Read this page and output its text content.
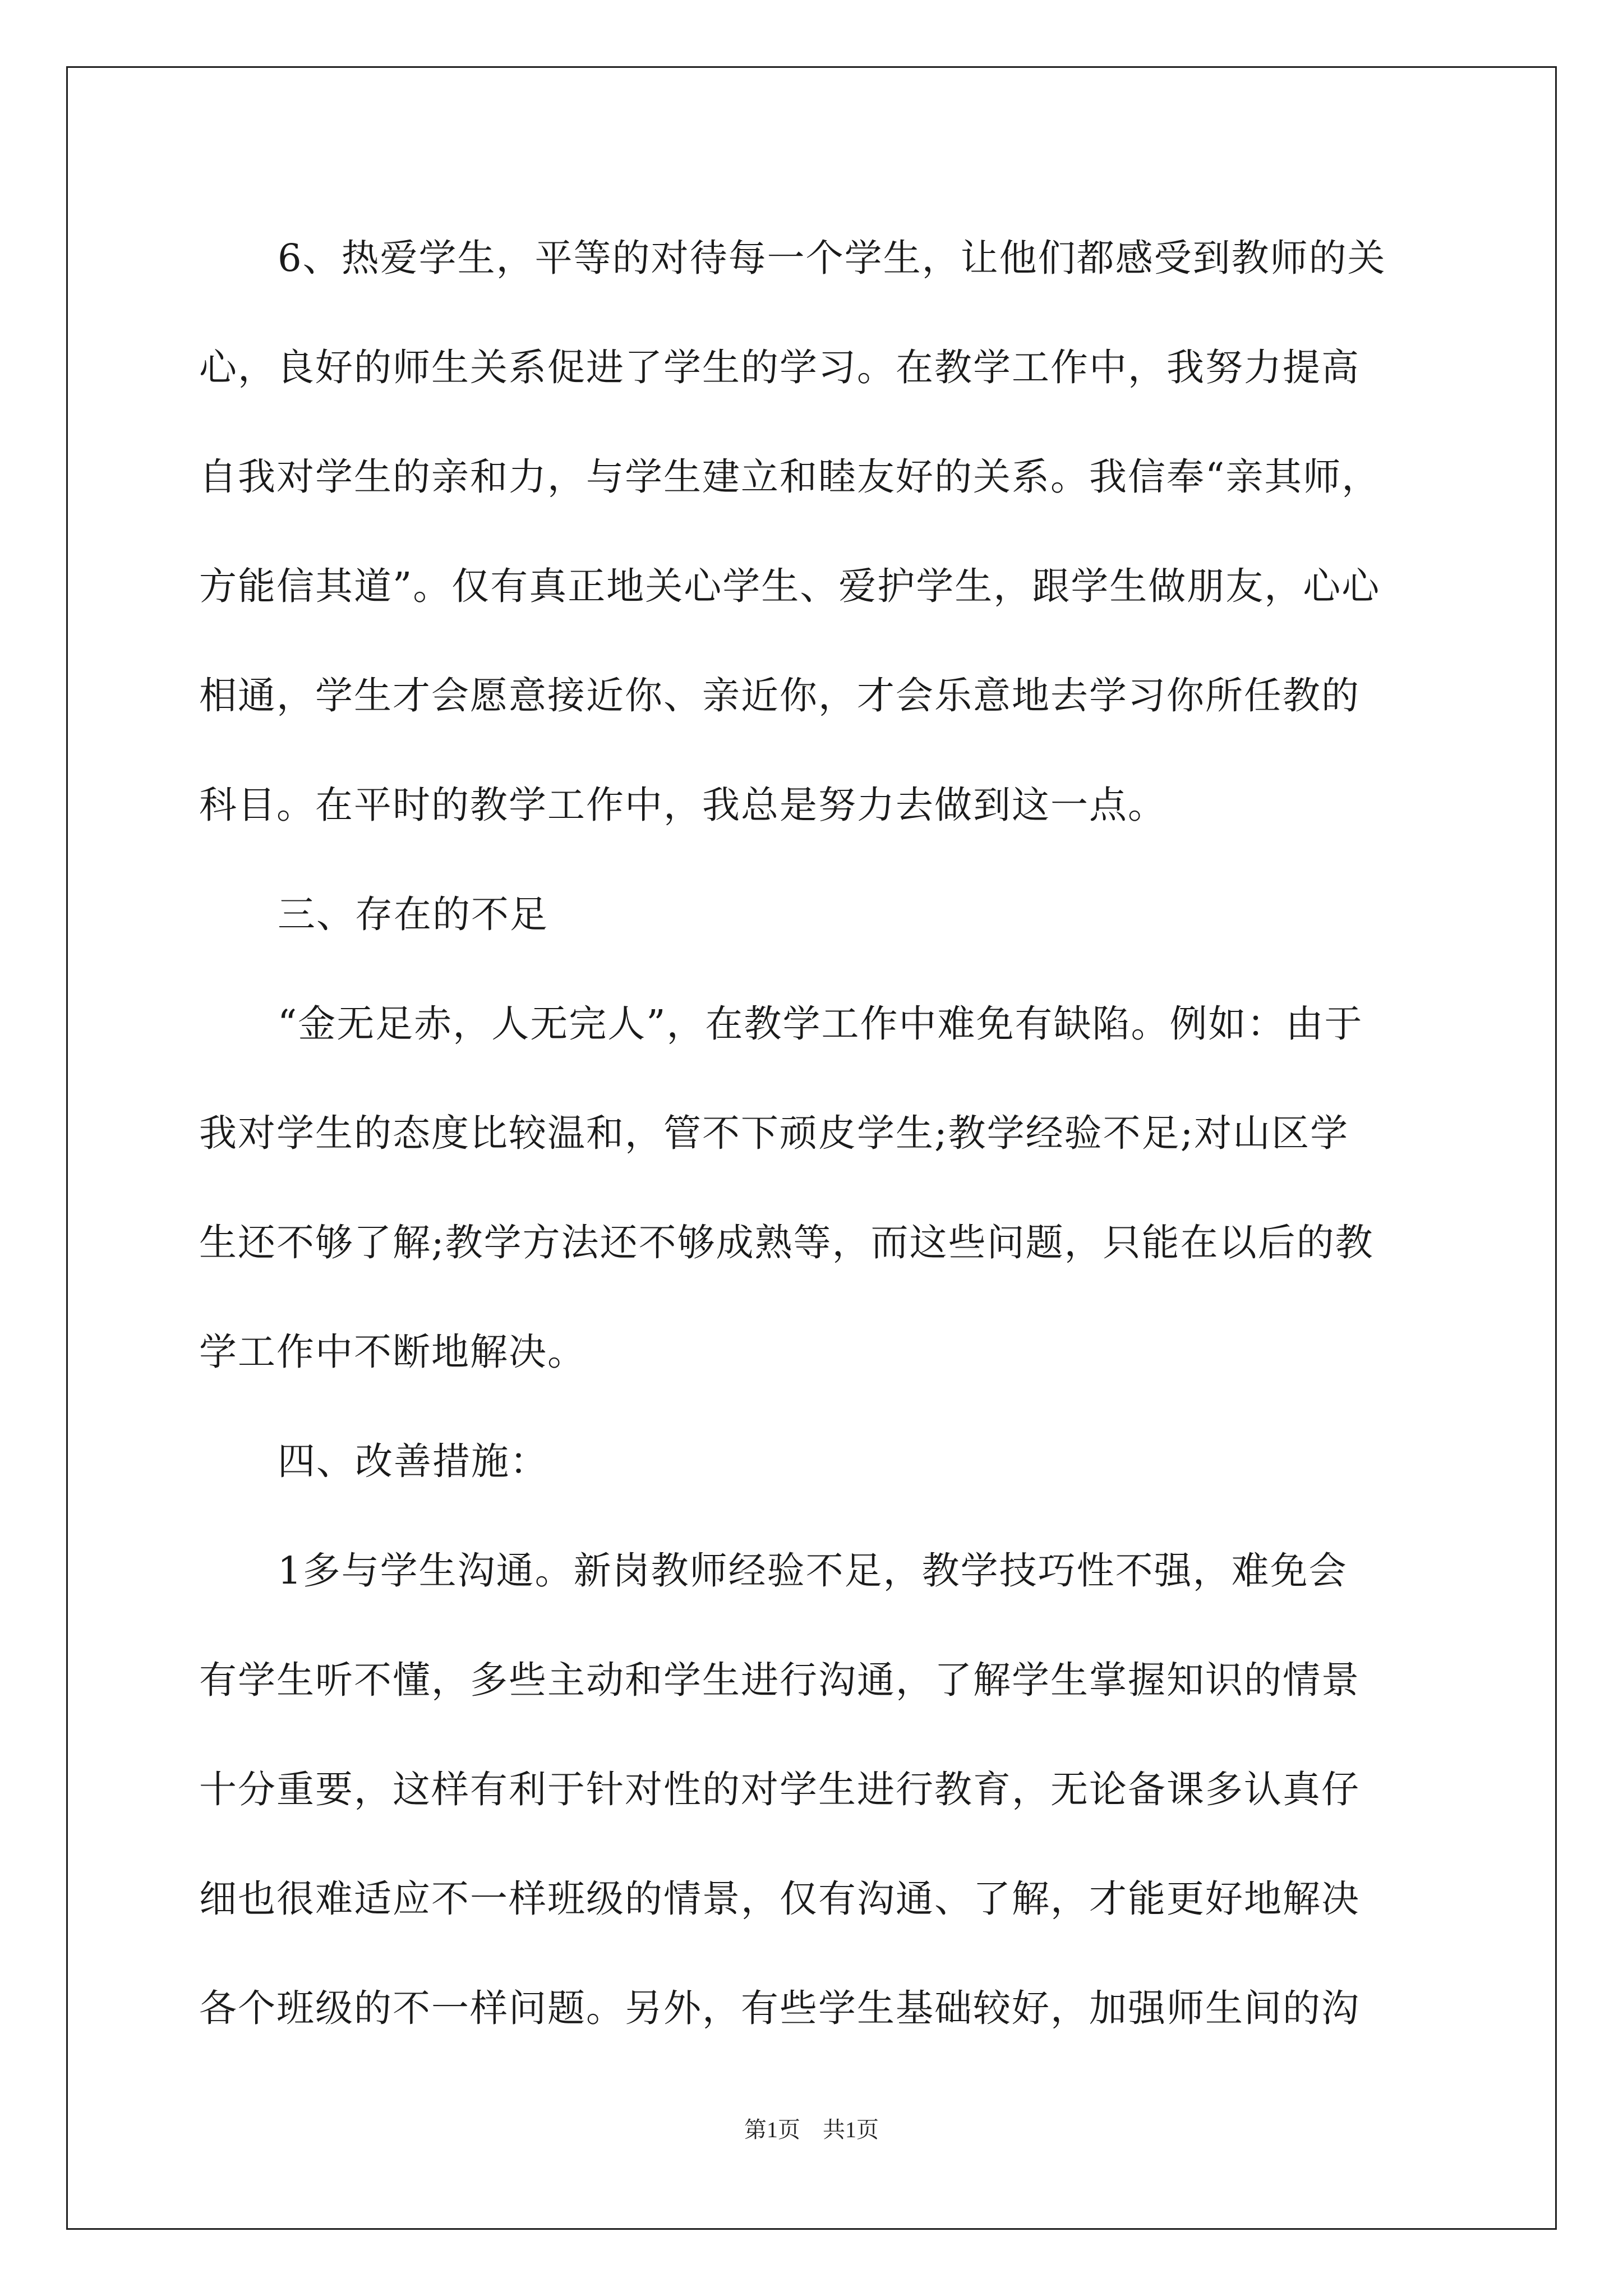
6、热爱学生，平等的对待每一个学生，让他们都感受到教师的关
心，良好的师生关系促进了学生的学习。在教学工作中，我努力提高
自我对学生的亲和力，与学生建立和睦友好的关系。我信奉“亲其师，
方能信其道”。仅有真正地关心学生、爱护学生，跟学生做朋友，心心
相通，学生才会愿意接近你、亲近你，才会乐意地去学习你所任教的
科目。在平时的教学工作中，我总是努力去做到这一点。
三、存在的不足
“金无足赤，人无完人”，在教学工作中难免有缺陷。例如：由于
我对学生的态度比较温和，管不下顽皮学生;教学经验不足;对山区学
生还不够了解;教学方法还不够成熟等，而这些问题，只能在以后的教
学工作中不断地解决。
四、改善措施：
1多与学生沟通。新岗教师经验不足，教学技巧性不强，难免会
有学生听不懂，多些主动和学生进行沟通，了解学生掌握知识的情景
十分重要，这样有利于针对性的对学生进行教育，无论备课多认真仔
细也很难适应不一样班级的情景，仅有沟通、了解，才能更好地解决
各个班级的不一样问题。另外，有些学生基础较好，加强师生间的沟
第1页　共1页
